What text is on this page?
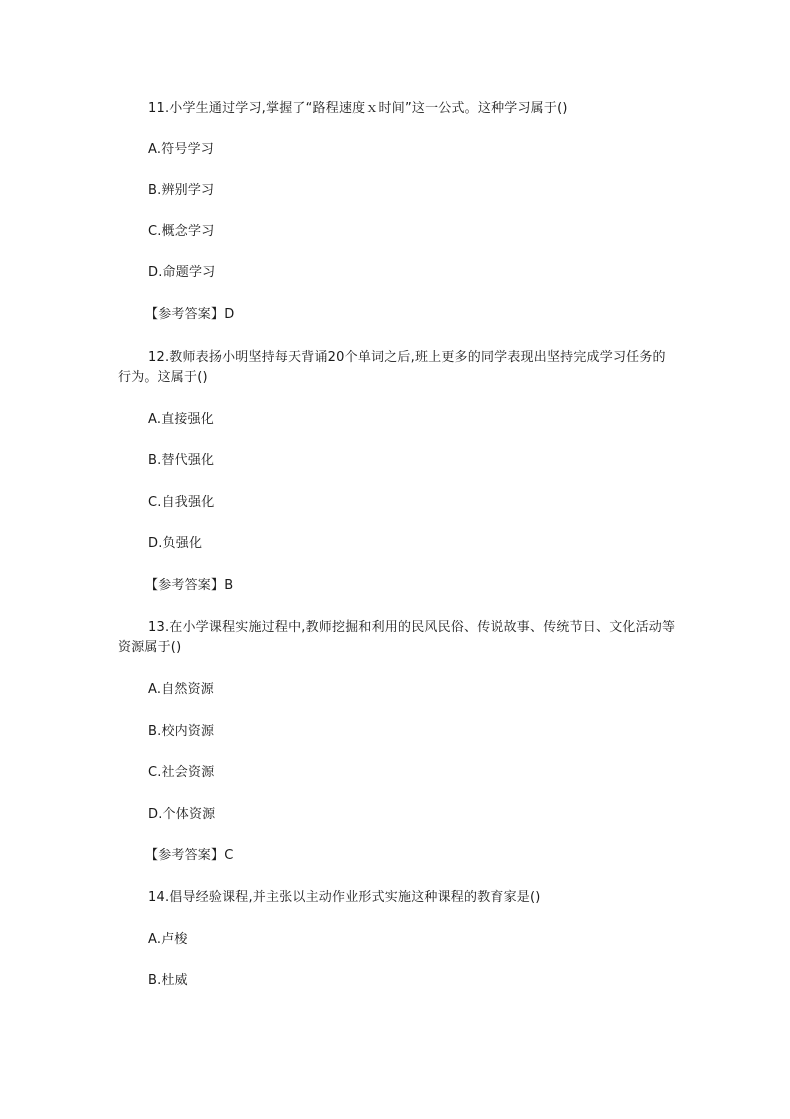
11.小学生通过学习,掌握了“路程速度ｘ时间”这一公式。这种学习属于()
A.符号学习
B.辨别学习
C.概念学习
D.命题学习
【参考答案】D
12.教师表扬小明坚持每天背诵20个单词之后,班上更多的同学表现出坚持完成学习任务的行为。这属于()
A.直接强化
B.替代强化
C.自我强化
D.负强化
【参考答案】B
13.在小学课程实施过程中,教师挖掘和利用的民风民俗、传说故事、传统节日、文化活动等资源属于()
A.自然资源
B.校内资源
C.社会资源
D.个体资源
【参考答案】C
14.倡导经验课程,并主张以主动作业形式实施这种课程的教育家是()
A.卢梭
B.杜威
